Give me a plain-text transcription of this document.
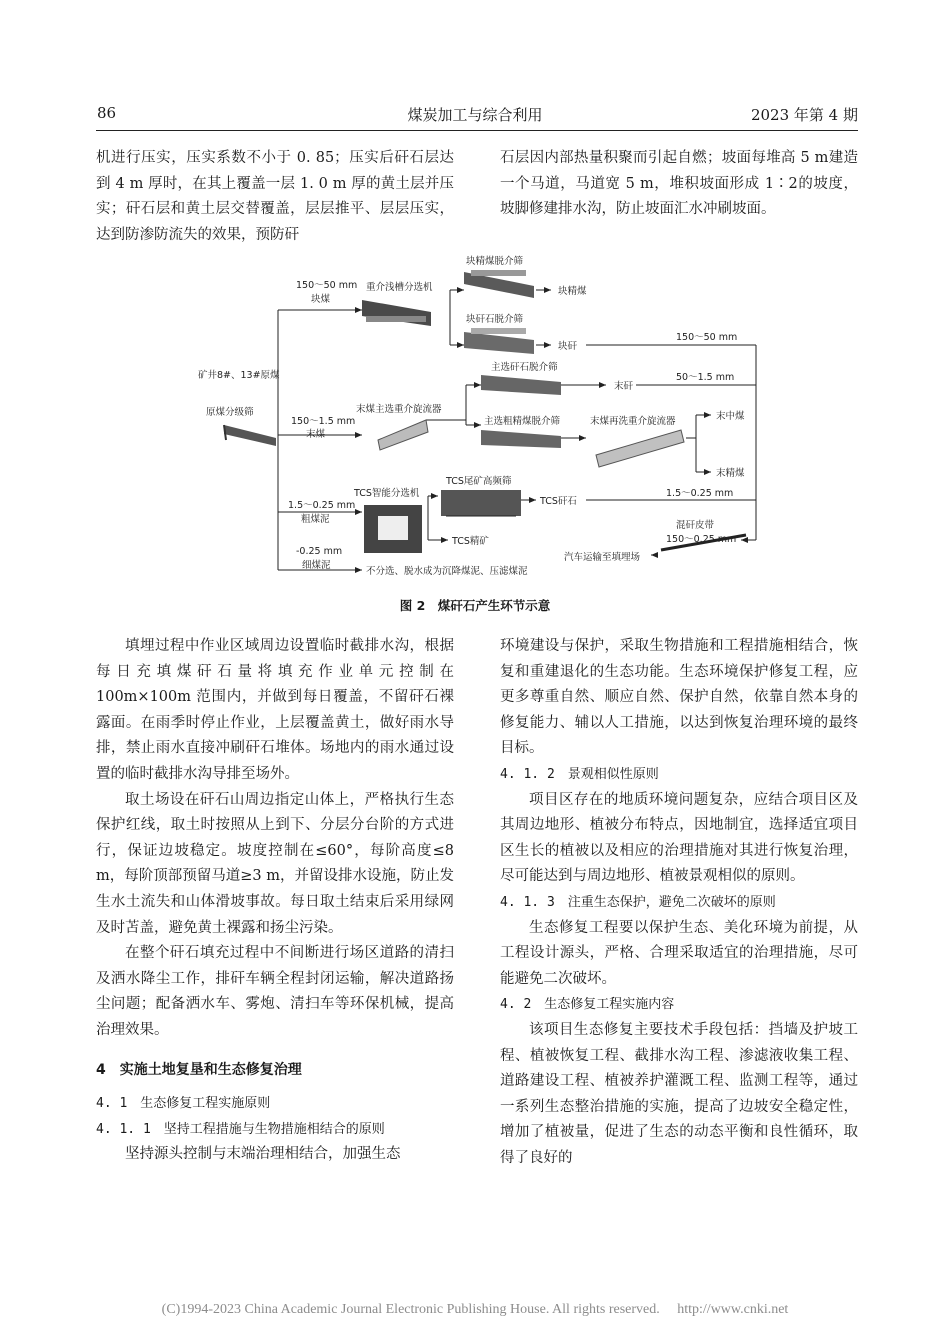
86	煤炭加工与综合利用	2023 年第 4 期

机进行压实，压实系数不小于 0. 85；压实后矸石层达到 4 m 厚时，在其上覆盖一层 1. 0 m 厚的黄土层并压实；矸石层和黄土层交替覆盖，层层推平、层层压实，达到防渗防流失的效果，预防矸

石层因内部热量积聚而引起自燃；坡面每堆高 5 m建造一个马道，马道宽 5 m，堆积坡面形成 1∶2的坡度，坡脚修建排水沟，防止坡面汇水冲刷坡面。

矿井8#、13#原煤
原煤分级筛
150～50 mm
块煤
重介浅槽分选机
块精煤脱介筛
块精煤
块矸石脱介筛
块矸
150～50 mm
150～1.5 mm
末煤
末煤主选重介旋流器
主选矸石脱介筛
末矸
50～1.5 mm
主选粗精煤脱介筛	末煤再洗重介旋流器	末中煤
末精煤
1.5～0.25 mm
粗煤泥
TCS智能分选机
TCS尾矿高频筛
TCS矸石
1.5～0.25 mm
TCS精矿
混矸皮带
150～0.25 mm
汽车运输至填埋场
-0.25 mm
细煤泥
不分选、脱水成为沉降煤泥、压滤煤泥
图 2　煤矸石产生环节示意

填埋过程中作业区域周边设置临时截排水沟，根据每日充填煤矸石量将填充作业单元控制在 100m×100m 范围内，并做到每日覆盖，不留矸石裸露面。在雨季时停止作业，上层覆盖黄土，做好雨水导排，禁止雨水直接冲刷矸石堆体。场地内的雨水通过设置的临时截排水沟导排至场外。

取土场设在矸石山周边指定山体上，严格执行生态保护红线，取土时按照从上到下、分层分台阶的方式进行，保证边坡稳定。坡度控制在≤60°，每阶高度≤8 m，每阶顶部预留马道≥3 m，并留设排水设施，防止发生水土流失和山体滑坡事故。每日取土结束后采用绿网及时苫盖，避免黄土裸露和扬尘污染。

在整个矸石填充过程中不间断进行场区道路的清扫及洒水降尘工作，排矸车辆全程封闭运输，解决道路扬尘问题；配备洒水车、雾炮、清扫车等环保机械，提高治理效果。

4　实施土地复垦和生态修复治理

4. 1　生态修复工程实施原则

4. 1. 1　坚持工程措施与生物措施相结合的原则

坚持源头控制与末端治理相结合，加强生态

环境建设与保护，采取生物措施和工程措施相结合，恢复和重建退化的生态功能。生态环境保护修复工程，应更多尊重自然、顺应自然、保护自然，依靠自然本身的修复能力、辅以人工措施，以达到恢复治理环境的最终目标。

4. 1. 2　景观相似性原则

项目区存在的地质环境问题复杂，应结合项目区及其周边地形、植被分布特点，因地制宜，选择适宜项目区生长的植被以及相应的治理措施对其进行恢复治理，尽可能达到与周边地形、植被景观相似的原则。

4. 1. 3　注重生态保护，避免二次破坏的原则

生态修复工程要以保护生态、美化环境为前提，从工程设计源头，严格、合理采取适宜的治理措施，尽可能避免二次破坏。

4. 2　生态修复工程实施内容

该项目生态修复主要技术手段包括：挡墙及护坡工程、植被恢复工程、截排水沟工程、渗滤液收集工程、道路建设工程、植被养护灌溉工程、监测工程等，通过一系列生态整治措施的实施，提高了边坡安全稳定性，增加了植被量，促进了生态的动态平衡和良性循环，取得了良好的

(C)1994-2023 China Academic Journal Electronic Publishing House. All rights reserved.　 http://www.cnki.net
